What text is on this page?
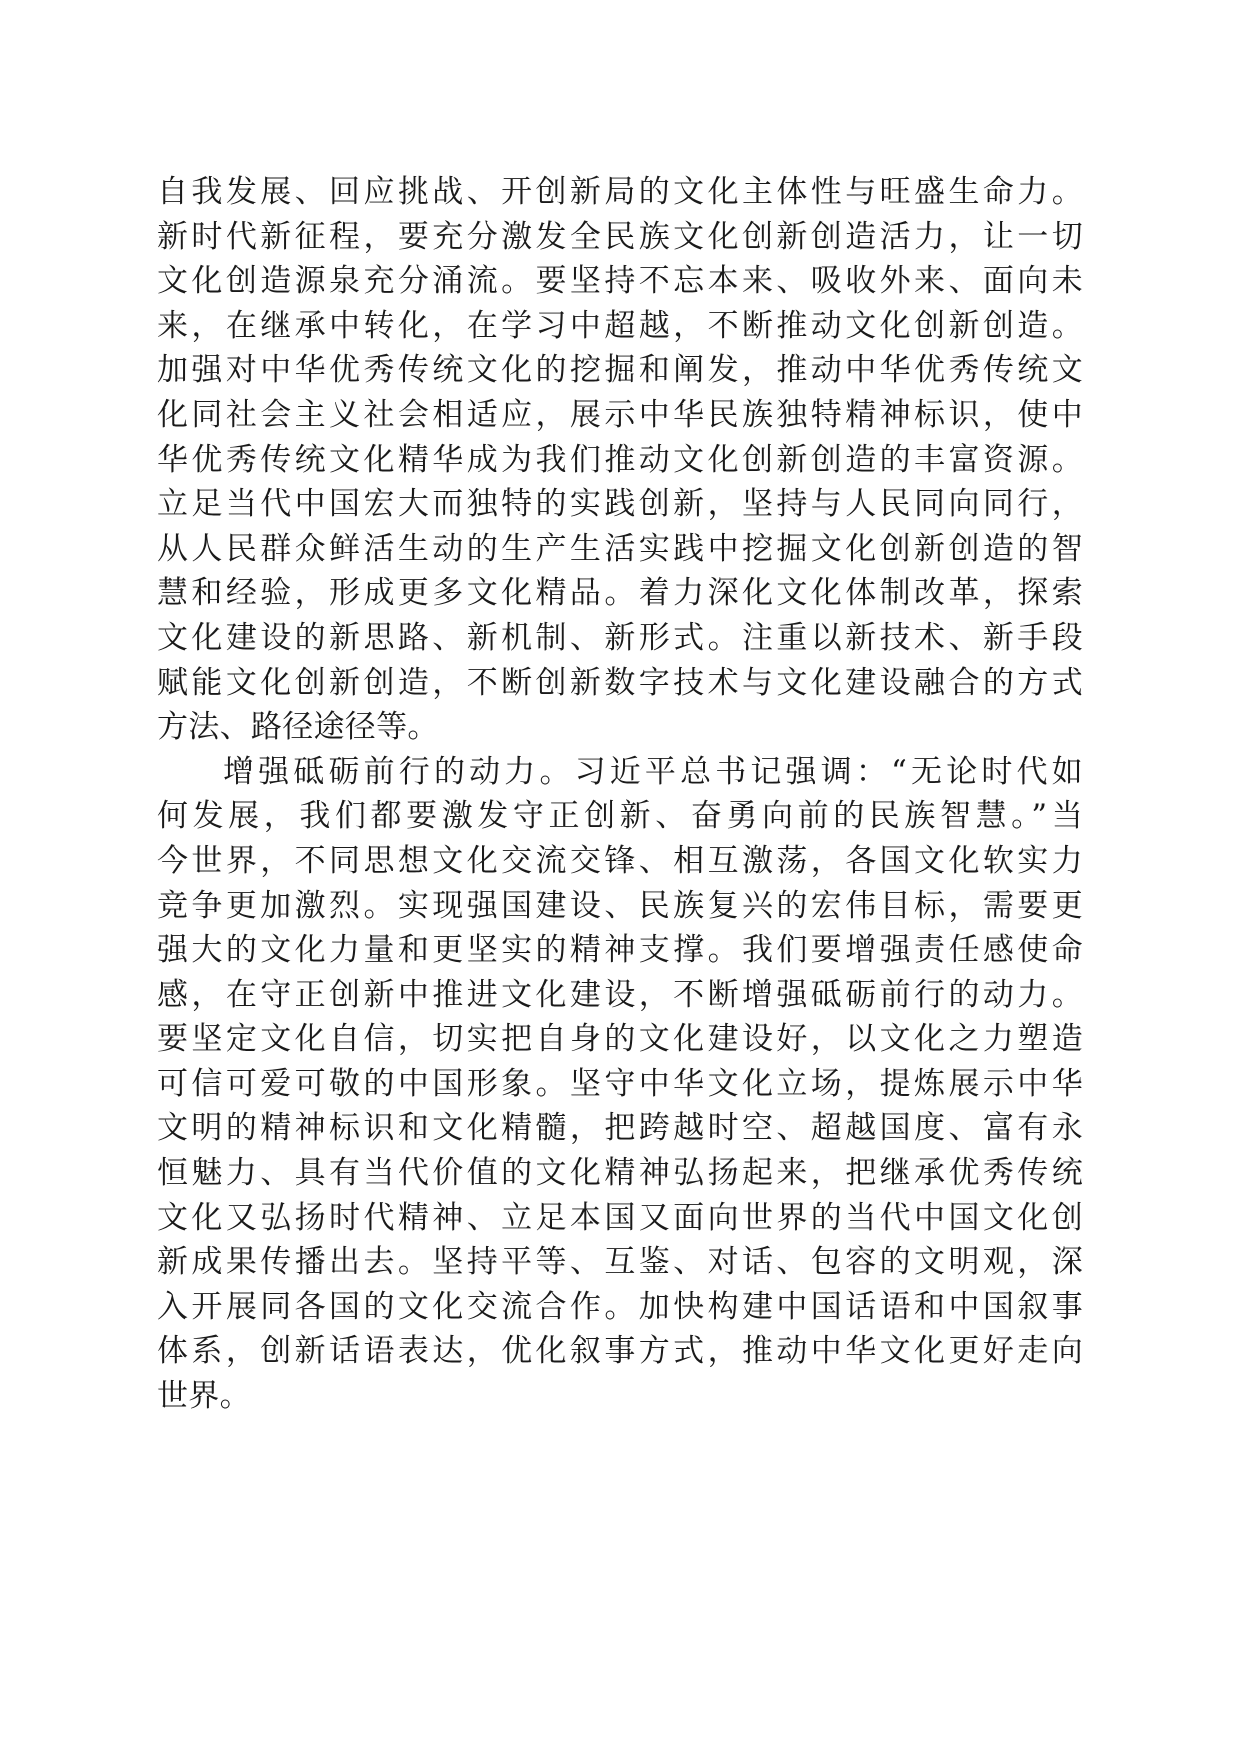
自我发展、回应挑战、开创新局的文化主体性与旺盛生命力。
新时代新征程，要充分激发全民族文化创新创造活力，让一切
文化创造源泉充分涌流。要坚持不忘本来、吸收外来、面向未
来，在继承中转化，在学习中超越，不断推动文化创新创造。
加强对中华优秀传统文化的挖掘和阐发，推动中华优秀传统文
化同社会主义社会相适应，展示中华民族独特精神标识，使中
华优秀传统文化精华成为我们推动文化创新创造的丰富资源。
立足当代中国宏大而独特的实践创新，坚持与人民同向同行，
从人民群众鲜活生动的生产生活实践中挖掘文化创新创造的智
慧和经验，形成更多文化精品。着力深化文化体制改革，探索
文化建设的新思路、新机制、新形式。注重以新技术、新手段
赋能文化创新创造，不断创新数字技术与文化建设融合的方式
方法、路径途径等。
增强砥砺前行的动力。习近平总书记强调：“无论时代如
何发展，我们都要激发守正创新、奋勇向前的民族智慧。”当
今世界，不同思想文化交流交锋、相互激荡，各国文化软实力
竞争更加激烈。实现强国建设、民族复兴的宏伟目标，需要更
强大的文化力量和更坚实的精神支撑。我们要增强责任感使命
感，在守正创新中推进文化建设，不断增强砥砺前行的动力。
要坚定文化自信，切实把自身的文化建设好，以文化之力塑造
可信可爱可敬的中国形象。坚守中华文化立场，提炼展示中华
文明的精神标识和文化精髓，把跨越时空、超越国度、富有永
恒魅力、具有当代价值的文化精神弘扬起来，把继承优秀传统
文化又弘扬时代精神、立足本国又面向世界的当代中国文化创
新成果传播出去。坚持平等、互鉴、对话、包容的文明观，深
入开展同各国的文化交流合作。加快构建中国话语和中国叙事
体系，创新话语表达，优化叙事方式，推动中华文化更好走向
世界。
